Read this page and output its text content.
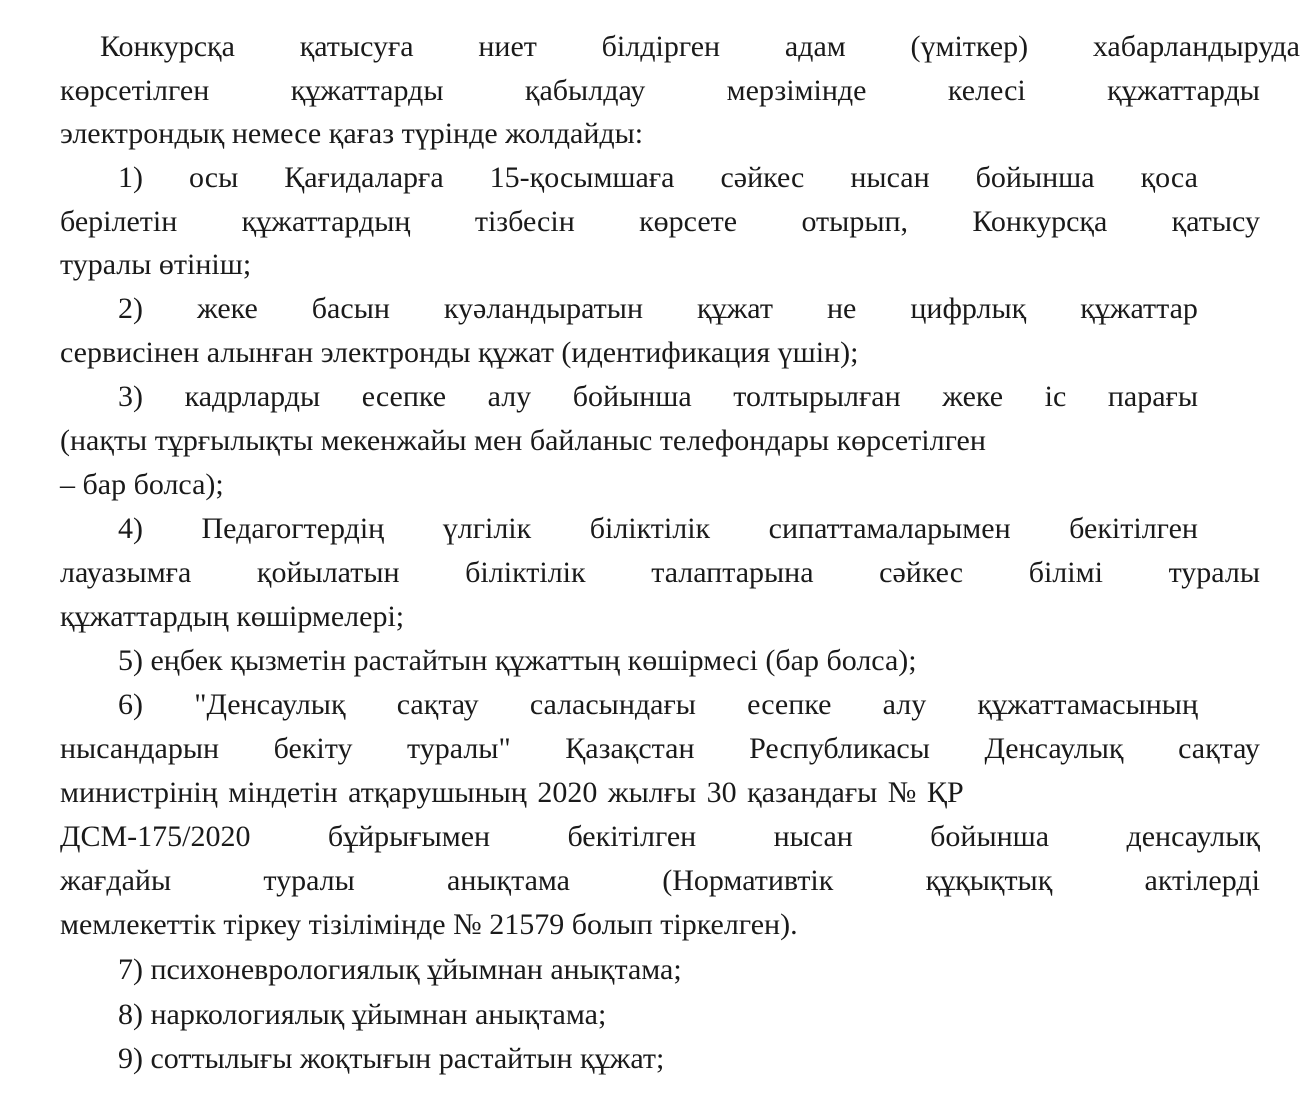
Конкурсқа қатысуға ниет білдірген адам (үміткер) хабарландыруда
көрсетілген	құжаттарды	қабылдау	мерзімінде	келесі	құжаттарды
электрондық немесе қағаз түрінде жолдайды:
1) осы Қағидаларға 15-қосымшаға сәйкес нысан бойынша қоса
берілетін құжаттардың тізбесін көрсете отырып, Конкурсқа қатысу
туралы өтініш;
2) жеке басын куәландыратын құжат не цифрлық құжаттар
сервисінен алынған электронды құжат (идентификация үшін);
3) кадрларды есепке алу бойынша толтырылған жеке іс парағы
(нақты тұрғылықты мекенжайы мен байланыс телефондары көрсетілген
– бар болса);
4) Педагогтердің үлгілік біліктілік сипаттамаларымен бекітілген
лауазымға қойылатын біліктілік талаптарына сәйкес білімі туралы
құжаттардың көшірмелері;
5) еңбек қызметін растайтын құжаттың көшірмесі (бар болса);
6) "Денсаулық сақтау саласындағы есепке алу құжаттамасының
нысандарын бекіту туралы" Қазақстан Республикасы Денсаулық сақтау
министрінің міндетін атқарушының 2020 жылғы 30 қазандағы № ҚР
ДСМ-175/2020	бұйрығымен	бекітілген	нысан	бойынша	денсаулық
жағдайы	туралы	анықтама	(Нормативтік	құқықтық	актілерді
мемлекеттік тіркеу тізілімінде № 21579 болып тіркелген).
7) психоневрологиялық ұйымнан анықтама;
8) наркологиялық ұйымнан анықтама;
9) соттылығы жоқтығын растайтын құжат;
